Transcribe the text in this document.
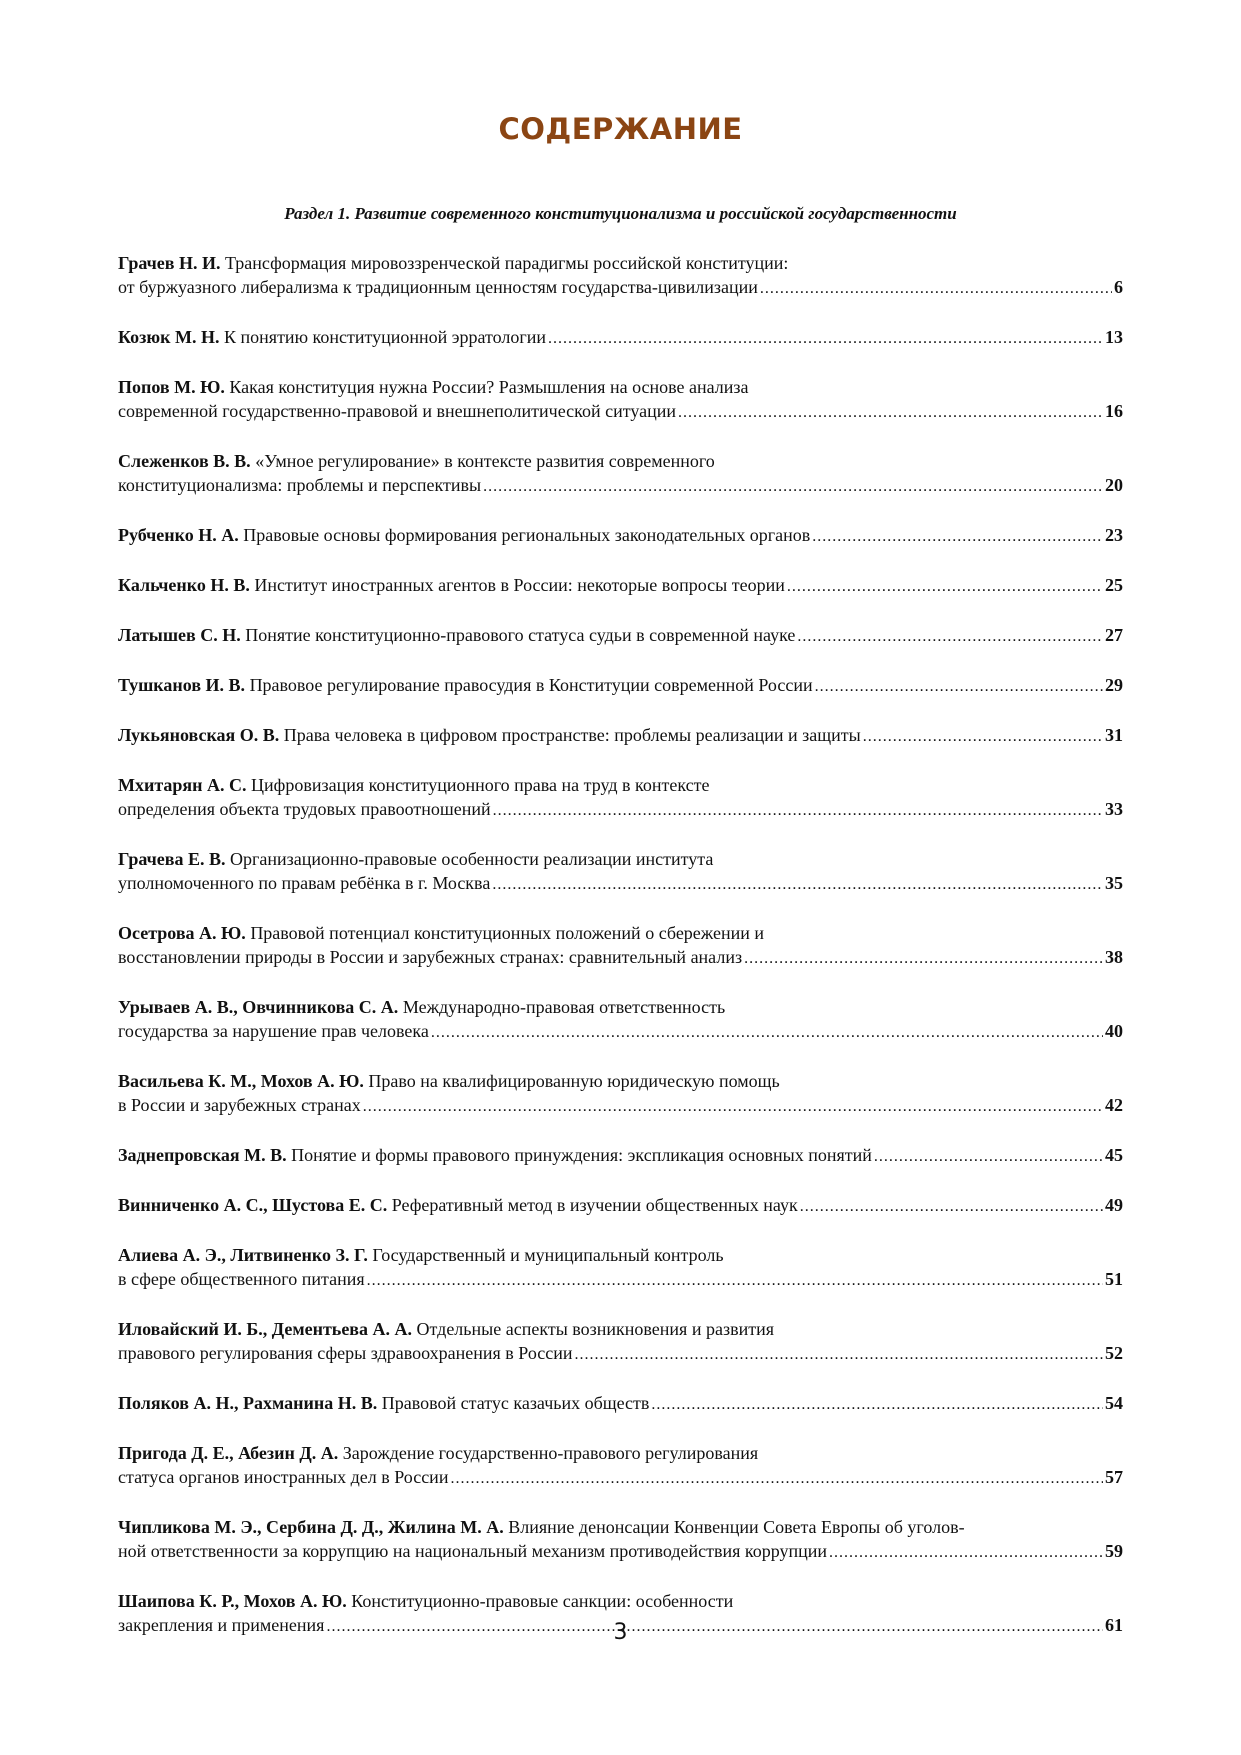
СОДЕРЖАНИЕ
Раздел 1. Развитие современного конституционализма и российской государственности
Грачев Н. И. Трансформация мировоззренческой парадигмы российской конституции:
от буржуазного либерализма к традиционным ценностям государства-цивилизации .....	6
Козюк М. Н. К понятию конституционной эрратологии .....	13
Попов М. Ю. Какая конституция нужна России? Размышления на основе анализа
современной государственно-правовой и внешнеполитической ситуации .....	16
Слеженков В. В. «Умное регулирование» в контексте развития современного
конституционализма: проблемы и перспективы .....	20
Рубченко Н. А. Правовые основы формирования региональных законодательных органов .....	23
Кальченко Н. В. Институт иностранных агентов в России: некоторые вопросы теории .....	25
Латышев С. Н. Понятие конституционно-правового статуса судьи в современной науке .....	27
Тушканов И. В. Правовое регулирование правосудия в Конституции современной России .....	29
Лукьяновская О. В. Права человека в цифровом пространстве: проблемы реализации и защиты .....	31
Мхитарян А. С. Цифровизация конституционного права на труд в контексте
определения объекта трудовых правоотношений .....	33
Грачева Е. В. Организационно-правовые особенности реализации института
уполномоченного по правам ребёнка в г. Москва .....	35
Осетрова А. Ю. Правовой потенциал конституционных положений о сбережении и
восстановлении природы в России и зарубежных странах: сравнительный анализ .....	38
Урываев А. В., Овчинникова С. А. Международно-правовая ответственность
государства за нарушение прав человека .....	40
Васильева К. М., Мохов А. Ю. Право на квалифицированную юридическую помощь
в России и зарубежных странах .....	42
Заднепровская М. В. Понятие и формы правового принуждения: экспликация основных понятий .....	45
Винниченко А. С., Шустова Е. С. Реферативный метод в изучении общественных наук .....	49
Алиева А. Э., Литвиненко З. Г. Государственный и муниципальный контроль
в сфере общественного питания .....	51
Иловайский И. Б., Дементьева А. А. Отдельные аспекты возникновения и развития
правового регулирования сферы здравоохранения в России .....	52
Поляков А. Н., Рахманина Н. В. Правовой статус казачьих обществ .....	54
Пригода Д. Е., Абезин Д. А. Зарождение государственно-правового регулирования
статуса органов иностранных дел в России .....	57
Чипликова М. Э., Сербина Д. Д., Жилина М. А. Влияние денонсации Конвенции Совета Европы об уголов-
ной ответственности за коррупцию на национальный механизм противодействия коррупции .....	59
Шаипова К. Р., Мохов А. Ю. Конституционно-правовые санкции: особенности
закрепления и применения .....	61
3
